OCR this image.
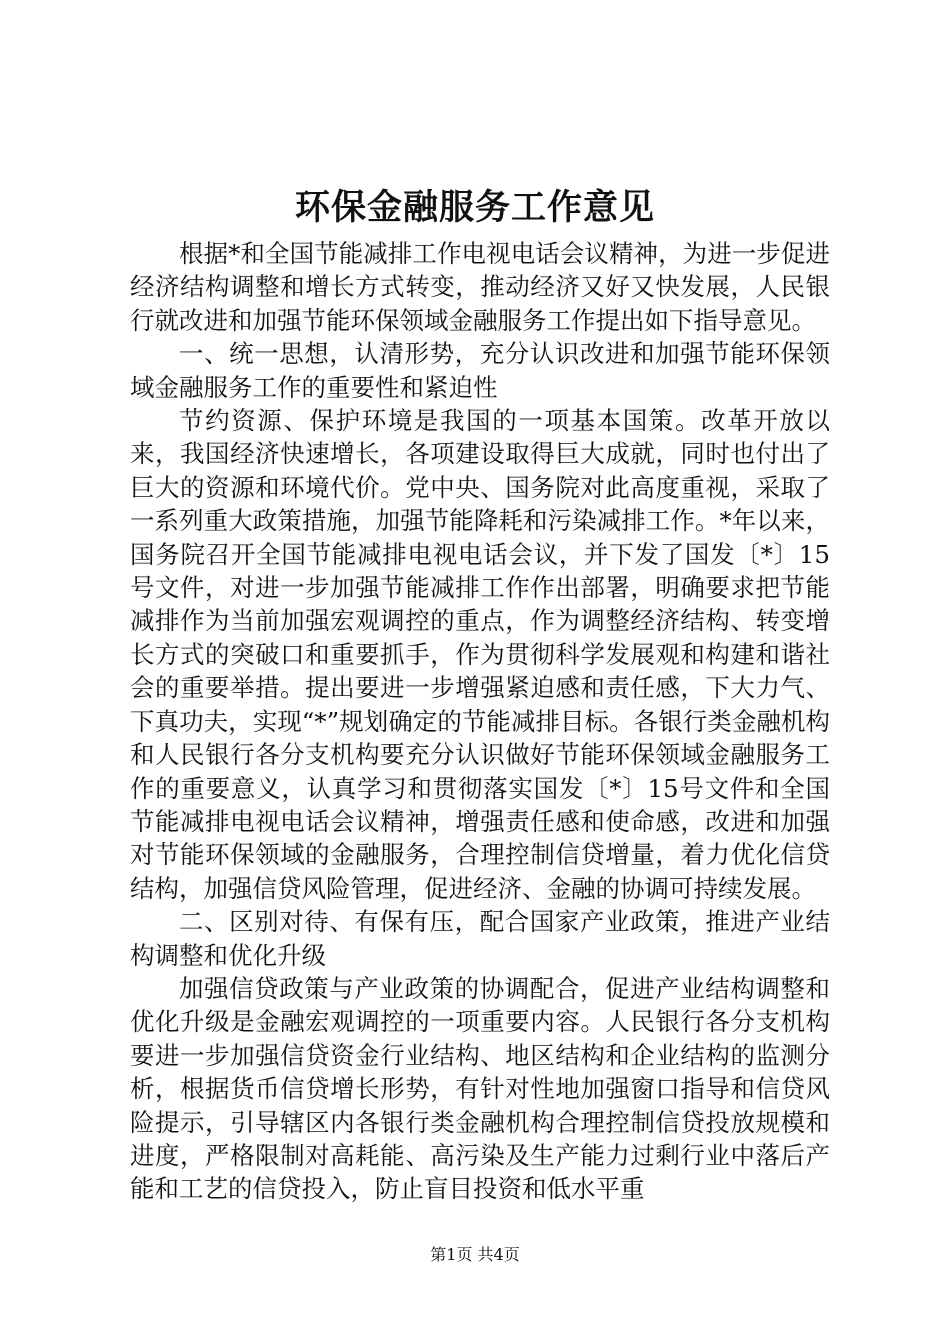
环保金融服务工作意见

根据*和全国节能减排工作电视电话会议精神，为进一步促进经济结构调整和增长方式转变，推动经济又好又快发展，人民银行就改进和加强节能环保领域金融服务工作提出如下指导意见。

一、统一思想，认清形势，充分认识改进和加强节能环保领域金融服务工作的重要性和紧迫性

节约资源、保护环境是我国的一项基本国策。改革开放以来，我国经济快速增长，各项建设取得巨大成就，同时也付出了巨大的资源和环境代价。党中央、国务院对此高度重视，采取了一系列重大政策措施，加强节能降耗和污染减排工作。*年以来，国务院召开全国节能减排电视电话会议，并下发了国发〔*〕15号文件，对进一步加强节能减排工作作出部署，明确要求把节能减排作为当前加强宏观调控的重点，作为调整经济结构、转变增长方式的突破口和重要抓手，作为贯彻科学发展观和构建和谐社会的重要举措。提出要进一步增强紧迫感和责任感，下大力气、下真功夫，实现“*”规划确定的节能减排目标。各银行类金融机构和人民银行各分支机构要充分认识做好节能环保领域金融服务工作的重要意义，认真学习和贯彻落实国发〔*〕15号文件和全国节能减排电视电话会议精神，增强责任感和使命感，改进和加强对节能环保领域的金融服务，合理控制信贷增量，着力优化信贷结构，加强信贷风险管理，促进经济、金融的协调可持续发展。

二、区别对待、有保有压，配合国家产业政策，推进产业结构调整和优化升级

加强信贷政策与产业政策的协调配合，促进产业结构调整和优化升级是金融宏观调控的一项重要内容。人民银行各分支机构要进一步加强信贷资金行业结构、地区结构和企业结构的监测分析，根据货币信贷增长形势，有针对性地加强窗口指导和信贷风险提示，引导辖区内各银行类金融机构合理控制信贷投放规模和进度，严格限制对高耗能、高污染及生产能力过剩行业中落后产能和工艺的信贷投入，防止盲目投资和低水平重

第1页 共4页
